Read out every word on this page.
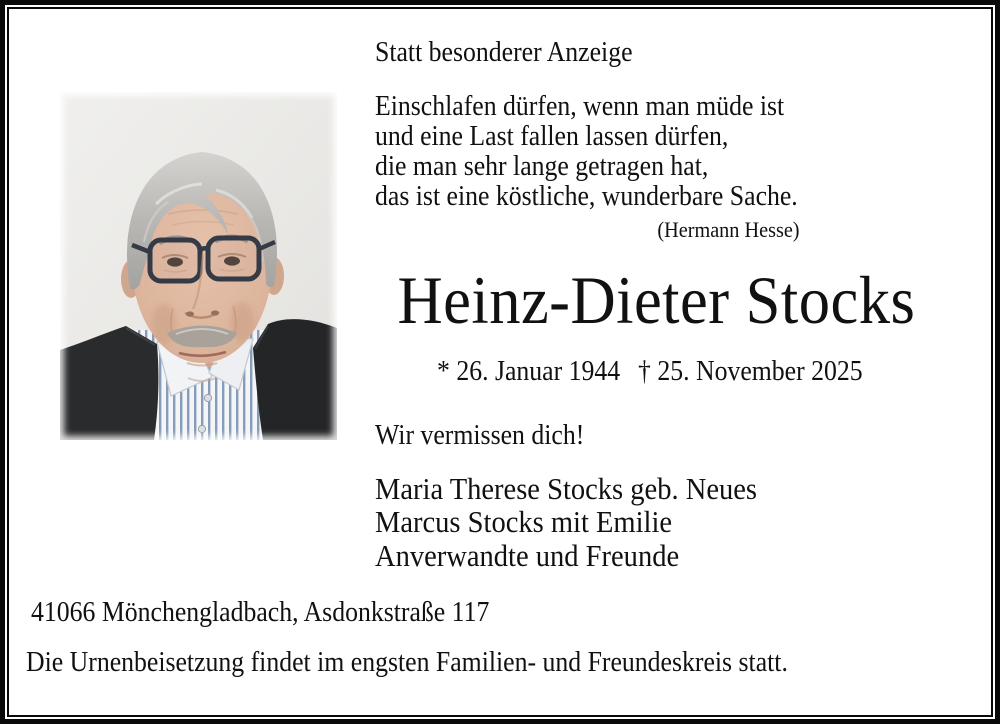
Statt besonderer Anzeige
Einschlafen dürfen, wenn man müde ist
und eine Last fallen lassen dürfen,
die man sehr lange getragen hat,
das ist eine köstliche, wunderbare Sache.
(Hermann Hesse)
Heinz-Dieter Stocks
* 26. Januar 1944 † 25. November 2025
Wir vermissen dich!
Maria Therese Stocks geb. Neues
Marcus Stocks mit Emilie
Anverwandte und Freunde
41066 Mönchengladbach, Asdonkstraße 117
Die Urnenbeisetzung findet im engsten Familien- und Freundeskreis statt.
